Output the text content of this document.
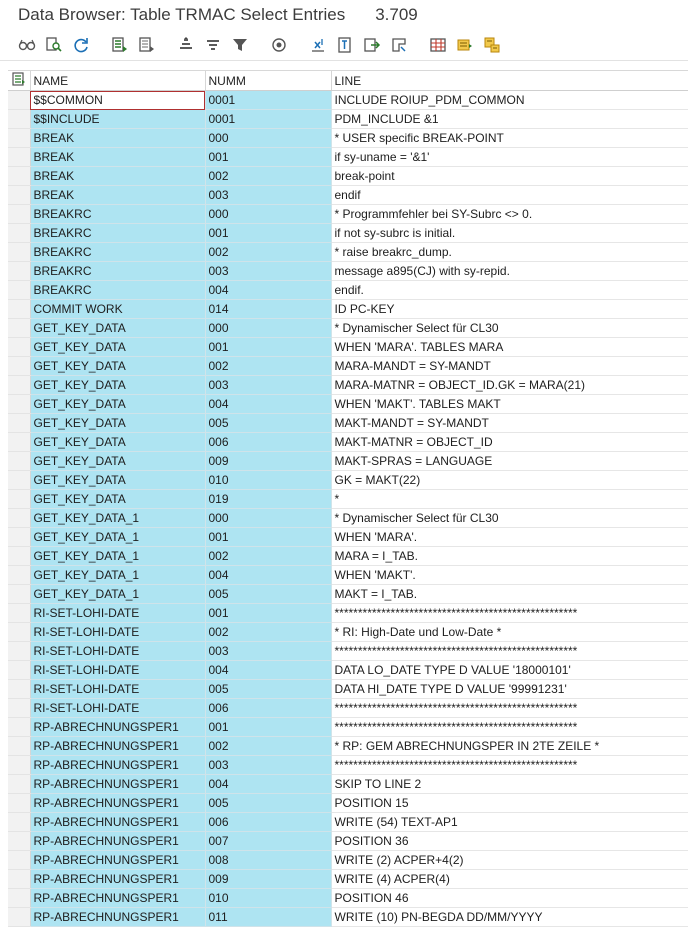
Data Browser: Table TRMAC Select Entries 3.709
	NAME	NUMM	LINE
	$$COMMON	0001	INCLUDE ROIUP_PDM_COMMON
	$$INCLUDE	0001	PDM_INCLUDE &1
	BREAK	000	* USER specific BREAK-POINT
	BREAK	001	if sy-uname = '&1'
	BREAK	002	break-point
	BREAK	003	endif
	BREAKRC	000	* Programmfehler bei SY-Subrc <> 0.
	BREAKRC	001	if not sy-subrc is initial.
	BREAKRC	002	* raise breakrc_dump.
	BREAKRC	003	message a895(CJ) with sy-repid.
	BREAKRC	004	endif.
	COMMIT WORK	014	ID PC-KEY
	GET_KEY_DATA	000	* Dynamischer Select für CL30
	GET_KEY_DATA	001	WHEN 'MARA'. TABLES MARA
	GET_KEY_DATA	002	MARA-MANDT = SY-MANDT
	GET_KEY_DATA	003	MARA-MATNR = OBJECT_ID.GK = MARA(21)
	GET_KEY_DATA	004	WHEN 'MAKT'. TABLES MAKT
	GET_KEY_DATA	005	MAKT-MANDT = SY-MANDT
	GET_KEY_DATA	006	MAKT-MATNR = OBJECT_ID
	GET_KEY_DATA	009	MAKT-SPRAS = LANGUAGE
	GET_KEY_DATA	010	GK = MAKT(22)
	GET_KEY_DATA	019	*
	GET_KEY_DATA_1	000	* Dynamischer Select für CL30
	GET_KEY_DATA_1	001	WHEN 'MARA'.
	GET_KEY_DATA_1	002	MARA = I_TAB.
	GET_KEY_DATA_1	004	WHEN 'MAKT'.
	GET_KEY_DATA_1	005	MAKT = I_TAB.
	RI-SET-LOHI-DATE	001	****************************************************
	RI-SET-LOHI-DATE	002	* RI: High-Date und Low-Date *
	RI-SET-LOHI-DATE	003	****************************************************
	RI-SET-LOHI-DATE	004	DATA LO_DATE TYPE D VALUE '18000101'
	RI-SET-LOHI-DATE	005	DATA HI_DATE TYPE D VALUE '99991231'
	RI-SET-LOHI-DATE	006	****************************************************
	RP-ABRECHNUNGSPER1	001	****************************************************
	RP-ABRECHNUNGSPER1	002	* RP: GEM ABRECHNUNGSPER IN 2TE ZEILE *
	RP-ABRECHNUNGSPER1	003	****************************************************
	RP-ABRECHNUNGSPER1	004	SKIP TO LINE 2
	RP-ABRECHNUNGSPER1	005	POSITION 15
	RP-ABRECHNUNGSPER1	006	WRITE (54) TEXT-AP1
	RP-ABRECHNUNGSPER1	007	POSITION 36
	RP-ABRECHNUNGSPER1	008	WRITE (2) ACPER+4(2)
	RP-ABRECHNUNGSPER1	009	WRITE (4) ACPER(4)
	RP-ABRECHNUNGSPER1	010	POSITION 46
	RP-ABRECHNUNGSPER1	011	WRITE (10) PN-BEGDA DD/MM/YYYY
